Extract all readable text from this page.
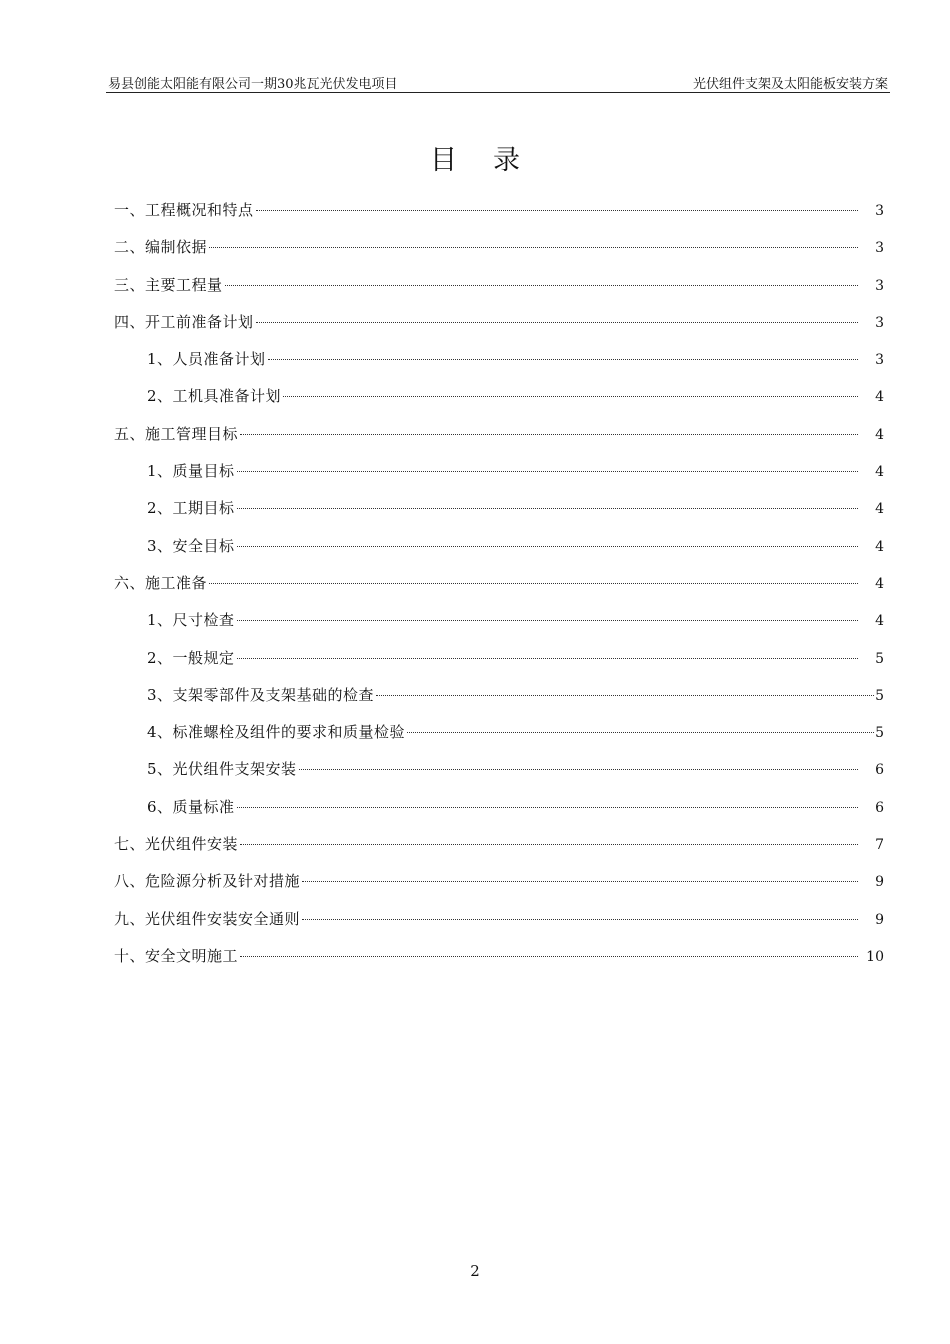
易县创能太阳能有限公司一期30兆瓦光伏发电项目	光伏组件支架及太阳能板安装方案
目录
一、工程概况和特点	3
二、编制依据	3
三、主要工程量	3
四、开工前准备计划	3
1、人员准备计划	3
2、工机具准备计划	4
五、施工管理目标	4
1、质量目标	4
2、工期目标	4
3、安全目标	4
六、施工准备	4
1、尺寸检查	4
2、一般规定	5
3、支架零部件及支架基础的检查	5
4、标准螺栓及组件的要求和质量检验	5
5、光伏组件支架安装	6
6、质量标准	6
七、光伏组件安装	7
八、危险源分析及针对措施	9
九、光伏组件安装安全通则	9
十、安全文明施工	10
2
